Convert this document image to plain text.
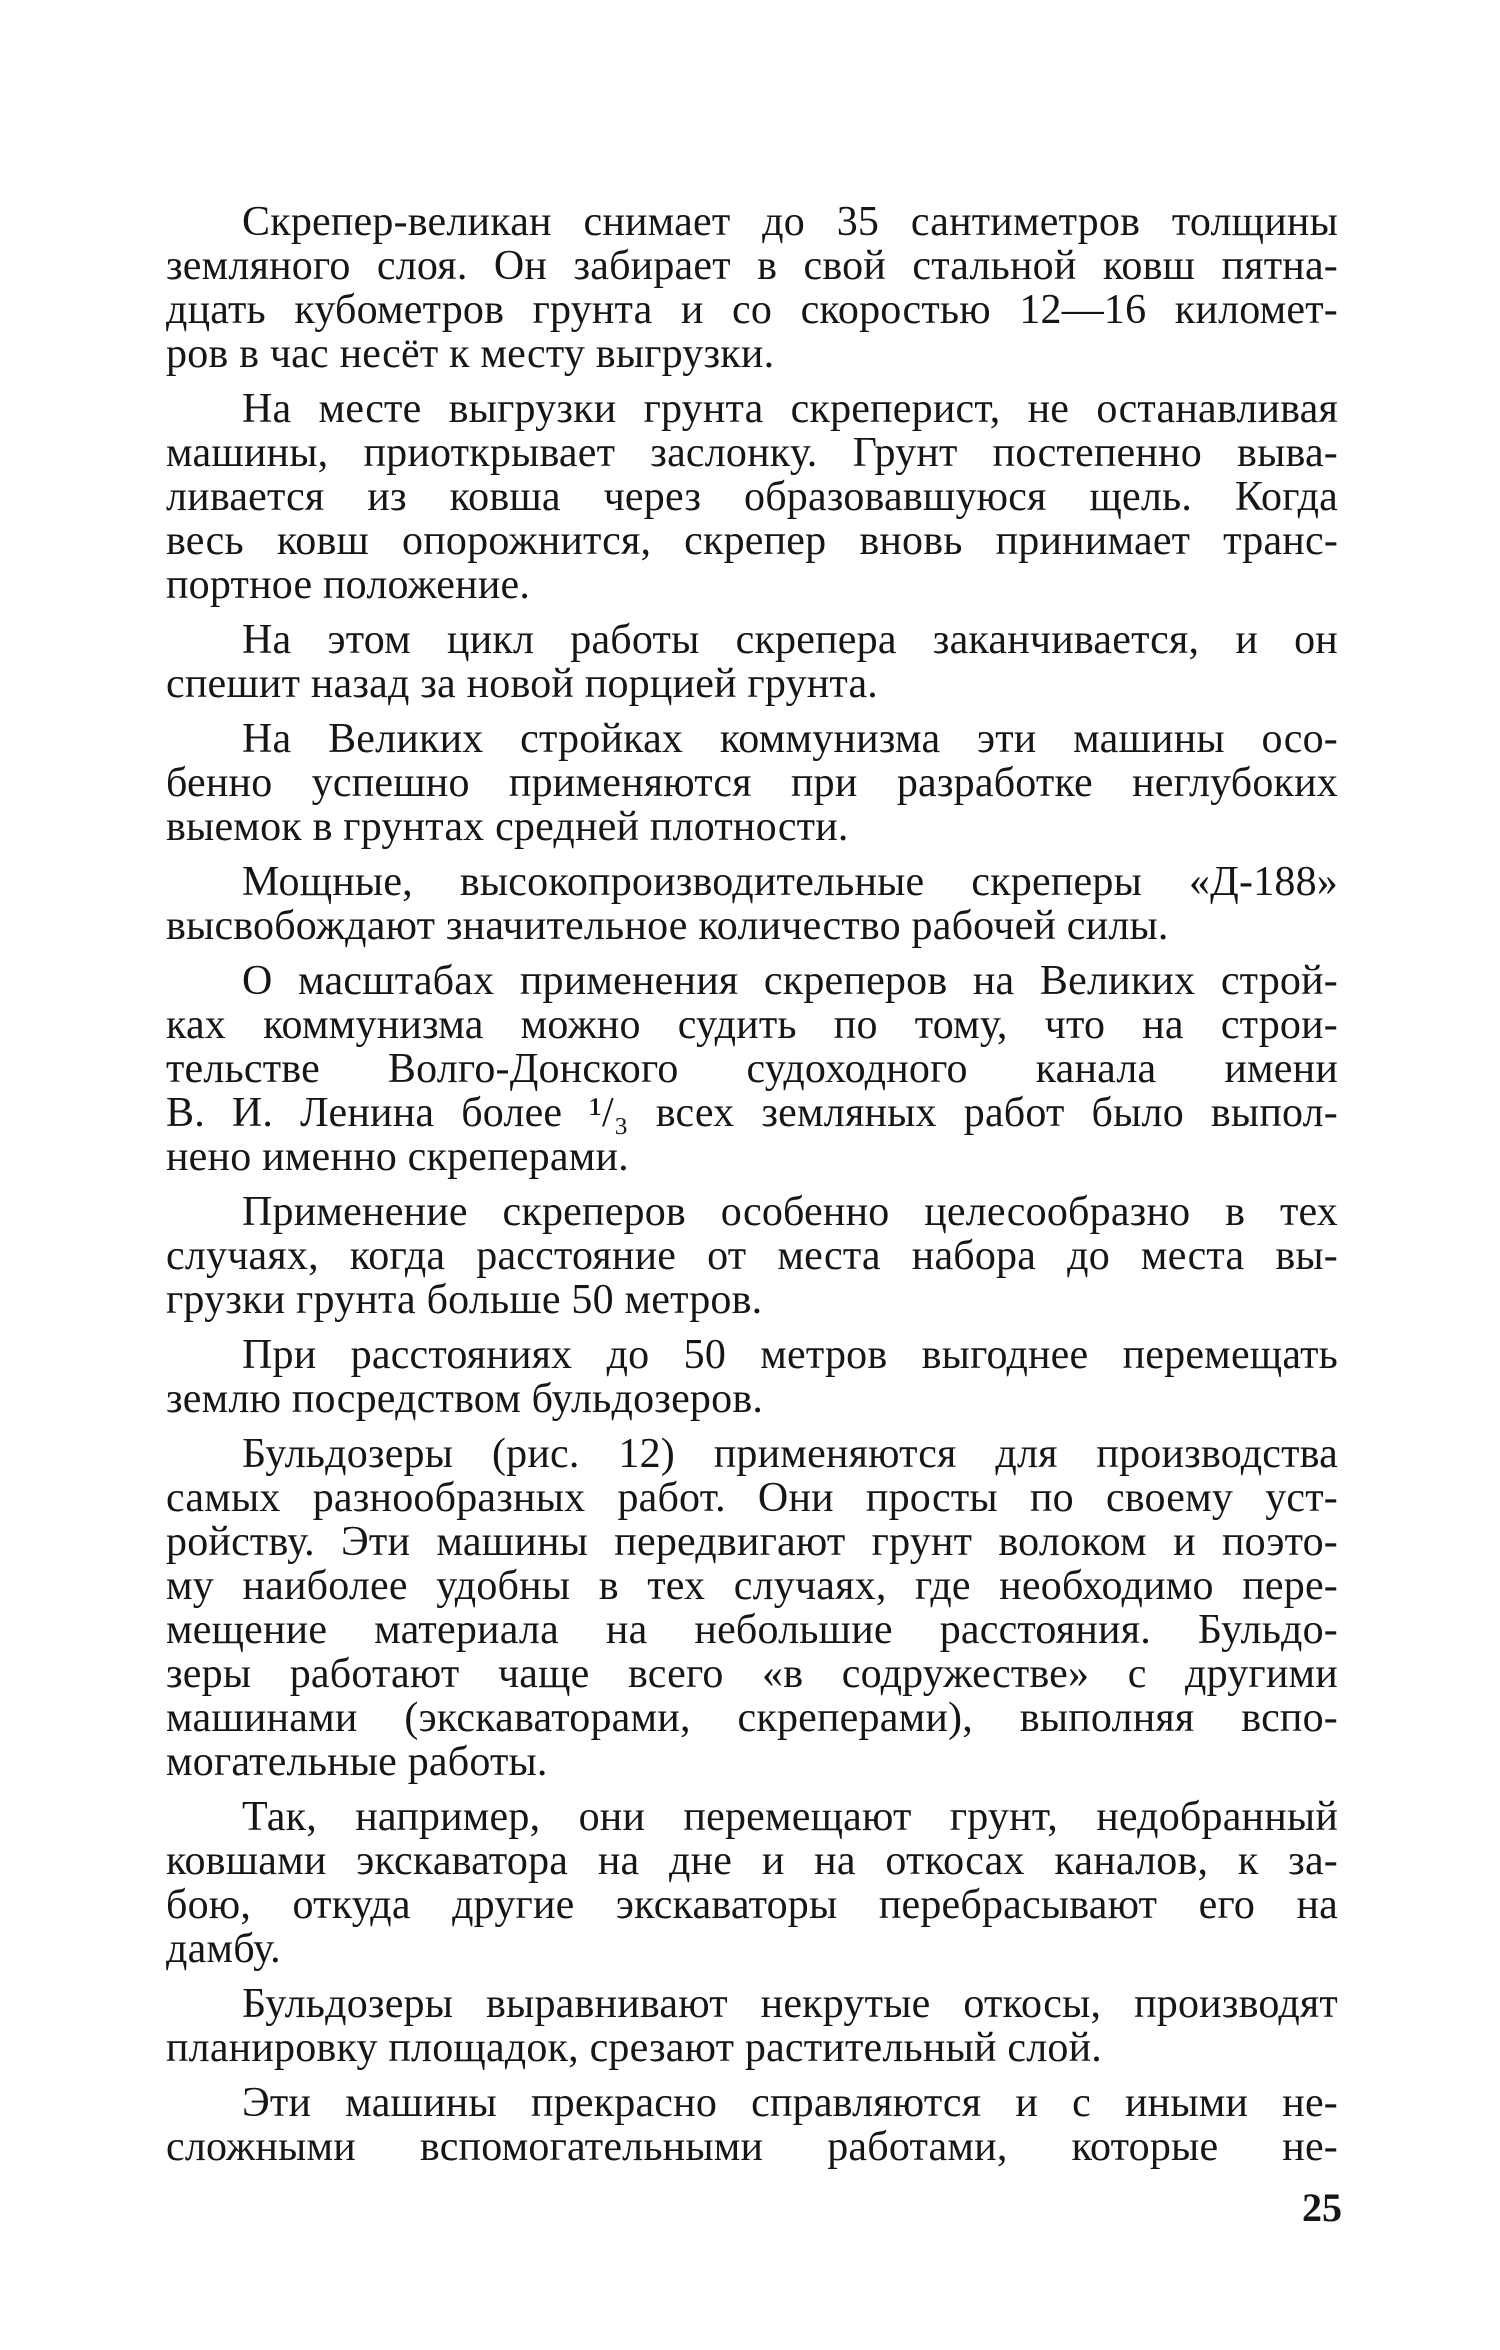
Скрепер-великан снимает до 35 сантиметров толщины
земляного слоя. Он забирает в свой стальной ковш пятна-
дцать кубометров грунта и со скоростью 12—16 километ-
ров в час несёт к месту выгрузки.

На месте выгрузки грунта скреперист, не останавливая
машины, приоткрывает заслонку. Грунт постепенно выва-
ливается из ковша через образовавшуюся щель. Когда
весь ковш опорожнится, скрепер вновь принимает транс-
портное положение.

На этом цикл работы скрепера заканчивается, и он
спешит назад за новой порцией грунта.

На Великих стройках коммунизма эти машины осо-
бенно успешно применяются при разработке неглубоких
выемок в грунтах средней плотности.

Мощные, высокопроизводительные скреперы «Д-188»
высвобождают значительное количество рабочей силы.

О масштабах применения скреперов на Великих строй-
ках коммунизма можно судить по тому, что на строи-
тельстве Волго-Донского судоходного канала имени
В. И. Ленина более ¹/₃ всех земляных работ было выпол-
нено именно скреперами.

Применение скреперов особенно целесообразно в тех
случаях, когда расстояние от места набора до места вы-
грузки грунта больше 50 метров.

При расстояниях до 50 метров выгоднее перемещать
землю посредством бульдозеров.

Бульдозеры (рис. 12) применяются для производства
самых разнообразных работ. Они просты по своему уст-
ройству. Эти машины передвигают грунт волоком и поэто-
му наиболее удобны в тех случаях, где необходимо пере-
мещение материала на небольшие расстояния. Бульдо-
зеры работают чаще всего «в содружестве» с другими
машинами (экскаваторами, скреперами), выполняя вспо-
могательные работы.

Так, например, они перемещают грунт, недобранный
ковшами экскаватора на дне и на откосах каналов, к за-
бою, откуда другие экскаваторы перебрасывают его на
дамбу.

Бульдозеры выравнивают некрутые откосы, производят
планировку площадок, срезают растительный слой.

Эти машины прекрасно справляются и с иными не-
сложными вспомогательными работами, которые не-

25
